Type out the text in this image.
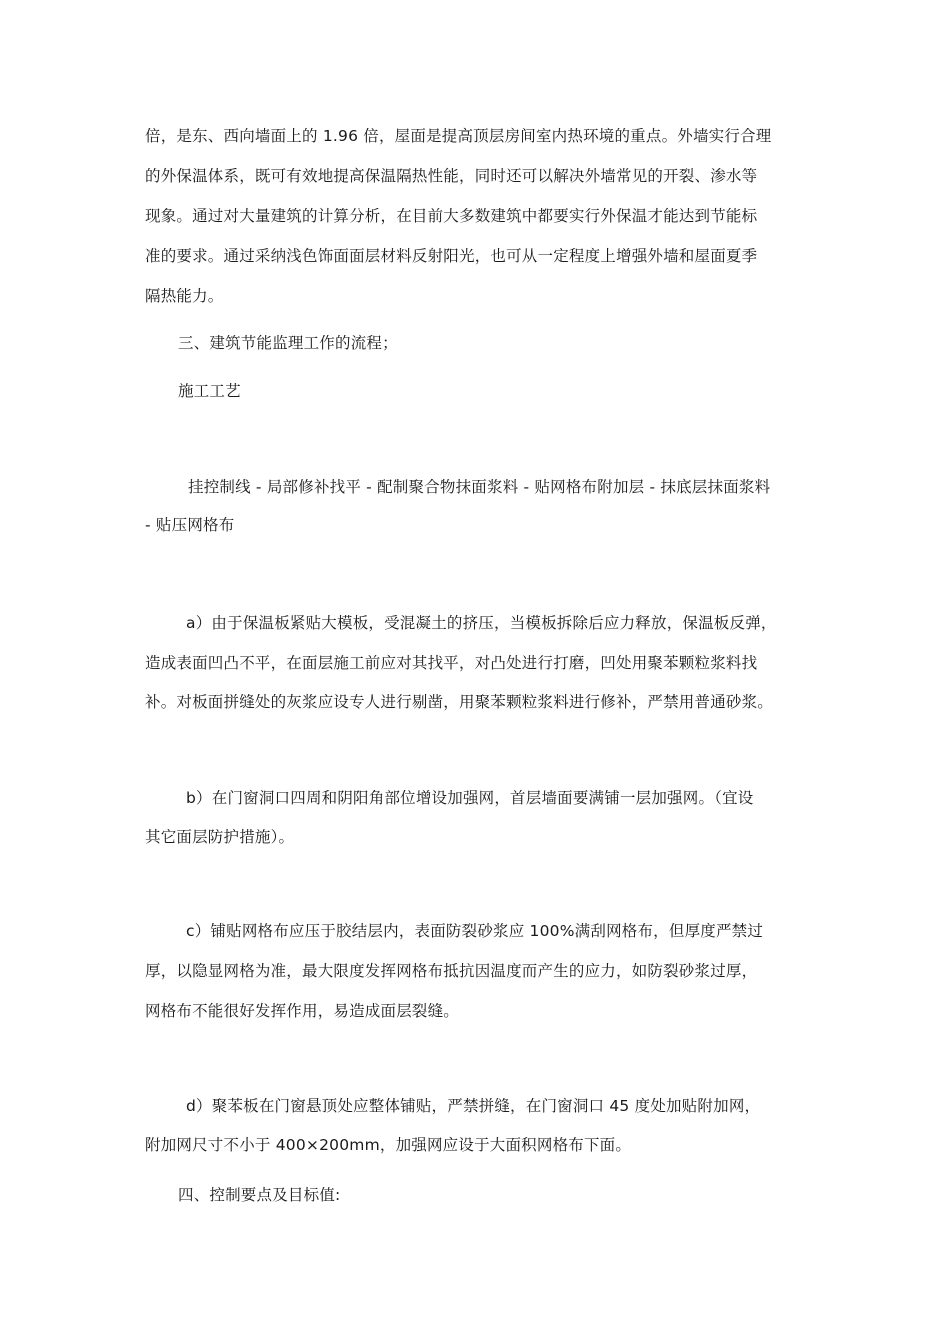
倍，是东、西向墙面上的 1.96 倍，屋面是提高顶层房间室内热环境的重点。外墙实行合理
的外保温体系，既可有效地提高保温隔热性能，同时还可以解决外墙常见的开裂、渗水等
现象。通过对大量建筑的计算分析，在目前大多数建筑中都要实行外保温才能达到节能标
准的要求。通过采纳浅色饰面面层材料反射阳光，也可从一定程度上增强外墙和屋面夏季
隔热能力。
三、建筑节能监理工作的流程；
施工工艺
挂控制线 - 局部修补找平 - 配制聚合物抹面浆料 - 贴网格布附加层 - 抹底层抹面浆料
- 贴压网格布
a）由于保温板紧贴大模板，受混凝土的挤压，当模板拆除后应力释放，保温板反弹，
造成表面凹凸不平，在面层施工前应对其找平，对凸处进行打磨，凹处用聚苯颗粒浆料找
补。对板面拼缝处的灰浆应设专人进行剔凿，用聚苯颗粒浆料进行修补，严禁用普通砂浆。
b）在门窗洞口四周和阴阳角部位增设加强网，首层墙面要满铺一层加强网。（宜设
其它面层防护措施）。
c）铺贴网格布应压于胶结层内，表面防裂砂浆应 100%满刮网格布，但厚度严禁过
厚，以隐显网格为准，最大限度发挥网格布抵抗因温度而产生的应力，如防裂砂浆过厚，
网格布不能很好发挥作用，易造成面层裂缝。
d）聚苯板在门窗悬顶处应整体铺贴，严禁拼缝，在门窗洞口 45 度处加贴附加网，
附加网尺寸不小于 400×200mm，加强网应设于大面积网格布下面。
四、控制要点及目标值:
